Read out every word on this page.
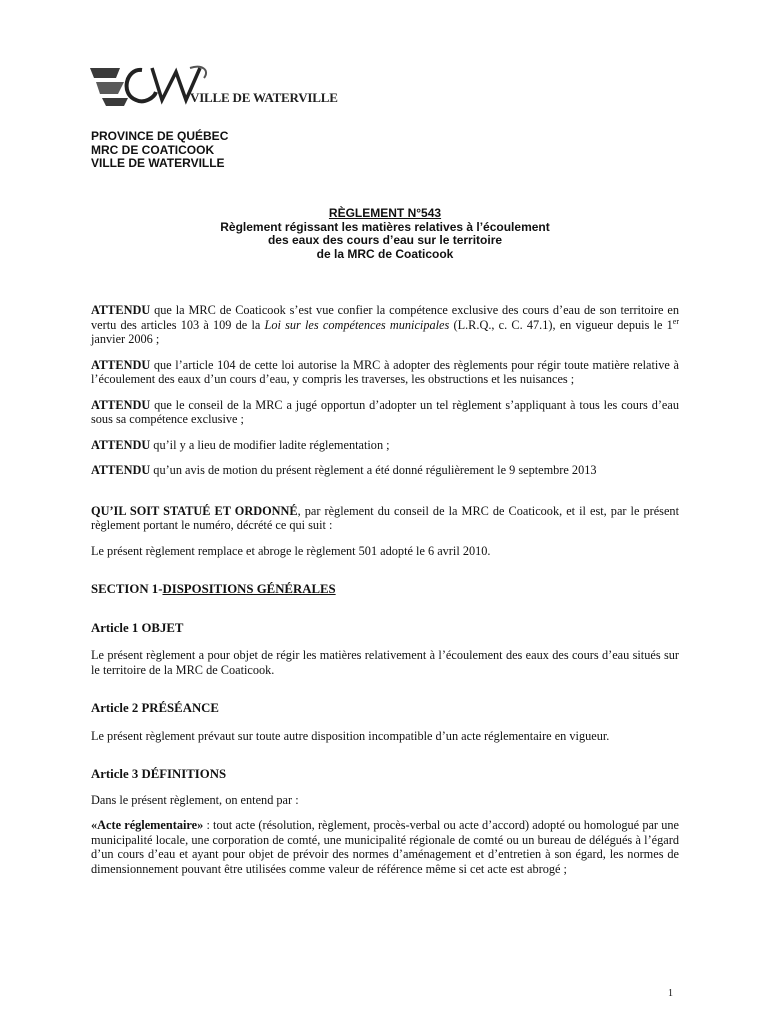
VILLE DE WATERVILLE
PROVINCE DE QUÉBEC
MRC DE COATICOOK
VILLE DE WATERVILLE
RÈGLEMENT N°543
Règlement régissant les matières relatives à l’écoulement
des eaux des cours d’eau sur le territoire
de la MRC de Coaticook

ATTENDU que la MRC de Coaticook s’est vue confier la compétence exclusive des cours d’eau de son territoire en vertu des articles 103 à 109 de la Loi sur les compétences municipales (L.R.Q., c. C. 47.1), en vigueur depuis le 1er janvier 2006 ;

ATTENDU que l’article 104 de cette loi autorise la MRC à adopter des règlements pour régir toute matière relative à l’écoulement des eaux d’un cours d’eau, y compris les traverses, les obstructions et les nuisances ;

ATTENDU que le conseil de la MRC a jugé opportun d’adopter un tel règlement s’appliquant à tous les cours d’eau sous sa compétence exclusive ;

ATTENDU qu’il y a lieu de modifier ladite réglementation ;

ATTENDU qu’un avis de motion du présent règlement a été donné régulièrement le 9 septembre 2013

QU’IL SOIT STATUÉ ET ORDONNÉ, par règlement du conseil de la MRC de Coaticook, et il est, par le présent règlement portant le numéro, décrété ce qui suit :

Le présent règlement remplace et abroge le règlement 501 adopté le 6 avril 2010.

SECTION 1-DISPOSITIONS GÉNÉRALES

Article 1 OBJET

Le présent règlement a pour objet de régir les matières relativement à l’écoulement des eaux des cours d’eau situés sur le territoire de la MRC de Coaticook.

Article 2 PRÉSÉANCE

Le présent règlement prévaut sur toute autre disposition incompatible d’un acte réglementaire en vigueur.

Article 3 DÉFINITIONS

Dans le présent règlement, on entend par :

«Acte réglementaire» : tout acte (résolution, règlement, procès-verbal ou acte d’accord) adopté ou homologué par une municipalité locale, une corporation de comté, une municipalité régionale de comté ou un bureau de délégués à l’égard d’un cours d’eau et ayant pour objet de prévoir des normes d’aménagement et d’entretien à son égard, les normes de dimensionnement pouvant être utilisées comme valeur de référence même si cet acte est abrogé ;

1
